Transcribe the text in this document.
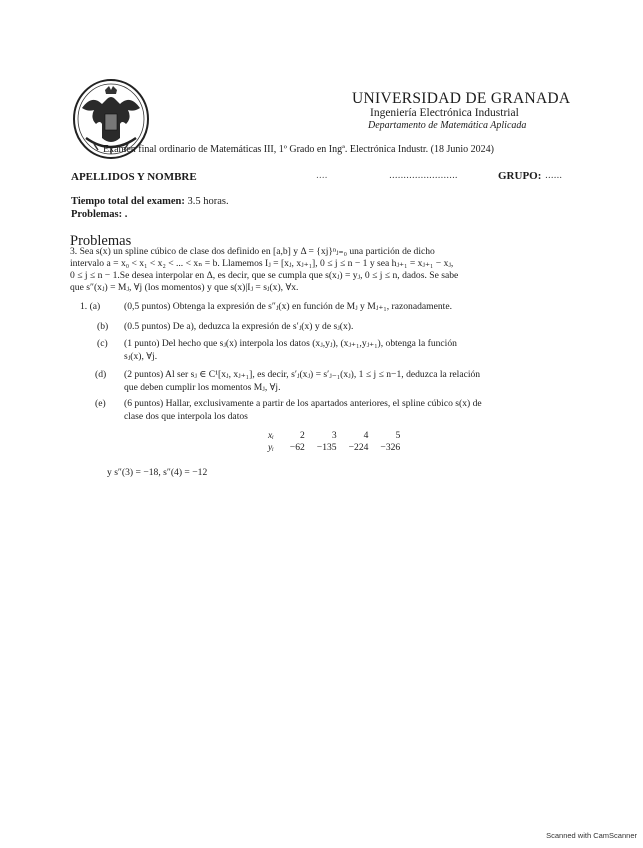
UNIVERSIDAD DE GRANADA
Ingeniería Electrónica Industrial
Departamento de Matemática Aplicada
Examen final ordinario de Matemáticas III, 1º Grado en Ingª. Electrónica Industr. (18 Junio 2024)
APELLIDOS Y NOMBRE	....	........................	GRUPO: ......
Tiempo total del examen: 3.5 horas.
Problemas: .
Problemas
3. Sea s(x) un spline cúbico de clase dos definido en [a,b] y Δ = {xj}ⁿⱼ₌₀ una partición de dicho
intervalo a = x₀ < x₁ < x₂ < ... < xₙ = b. Llamemos Iⱼ = [xⱼ, xⱼ₊₁], 0 ≤ j ≤ n − 1 y sea hⱼ₊₁ = xⱼ₊₁ − xⱼ,
0 ≤ j ≤ n − 1.Se desea interpolar en Δ, es decir, que se cumpla que s(xⱼ) = yⱼ, 0 ≤ j ≤ n, dados. Se sabe
que s″(xⱼ) = Mⱼ, ∀j (los momentos) y que s(x)|Iⱼ = sⱼ(x), ∀x.
1. (a) (0,5 puntos) Obtenga la expresión de s″ⱼ(x) en función de Mⱼ y Mⱼ₊₁, razonadamente.
(b) (0.5 puntos) De a), deduzca la expresión de s′ⱼ(x) y de sⱼ(x).
(c) (1 punto) Del hecho que sⱼ(x) interpola los datos (xⱼ,yⱼ), (xⱼ₊₁,yⱼ₊₁), obtenga la función
sⱼ(x), ∀j.
(d) (2 puntos) Al ser sⱼ ∈ C¹[xⱼ, xⱼ₊₁], es decir, s′ⱼ(xⱼ) = s′ⱼ₋₁(xⱼ), 1 ≤ j ≤ n−1, deduzca la relación
que deben cumplir los momentos Mⱼ, ∀j.
(e) (6 puntos) Hallar, exclusivamente a partir de los apartados anteriores, el spline cúbico s(x) de
clase dos que interpola los datos
xᵢ	2	3	4	5
yᵢ	−62	−135	−224	−326
y s″(3) = −18, s″(4) = −12
Scanned with CamScanner
